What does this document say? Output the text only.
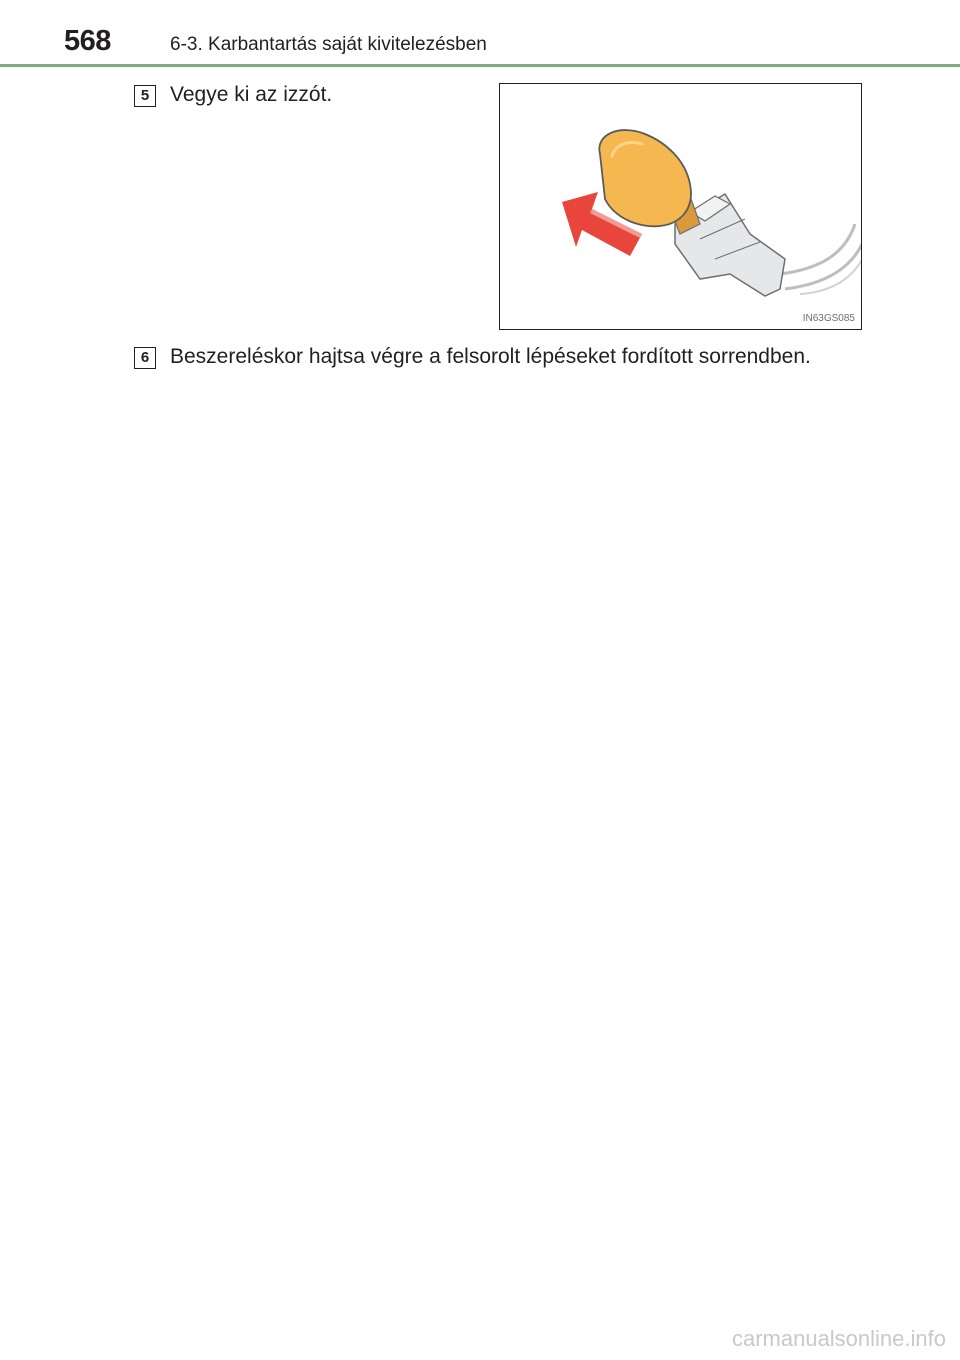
568	6-3. Karbantartás saját kivitelezésben
5 Vegye ki az izzót.
IN63GS085
6 Beszereléskor hajtsa végre a felsorolt lépéseket fordított sorrendben.
carmanualsonline.info
